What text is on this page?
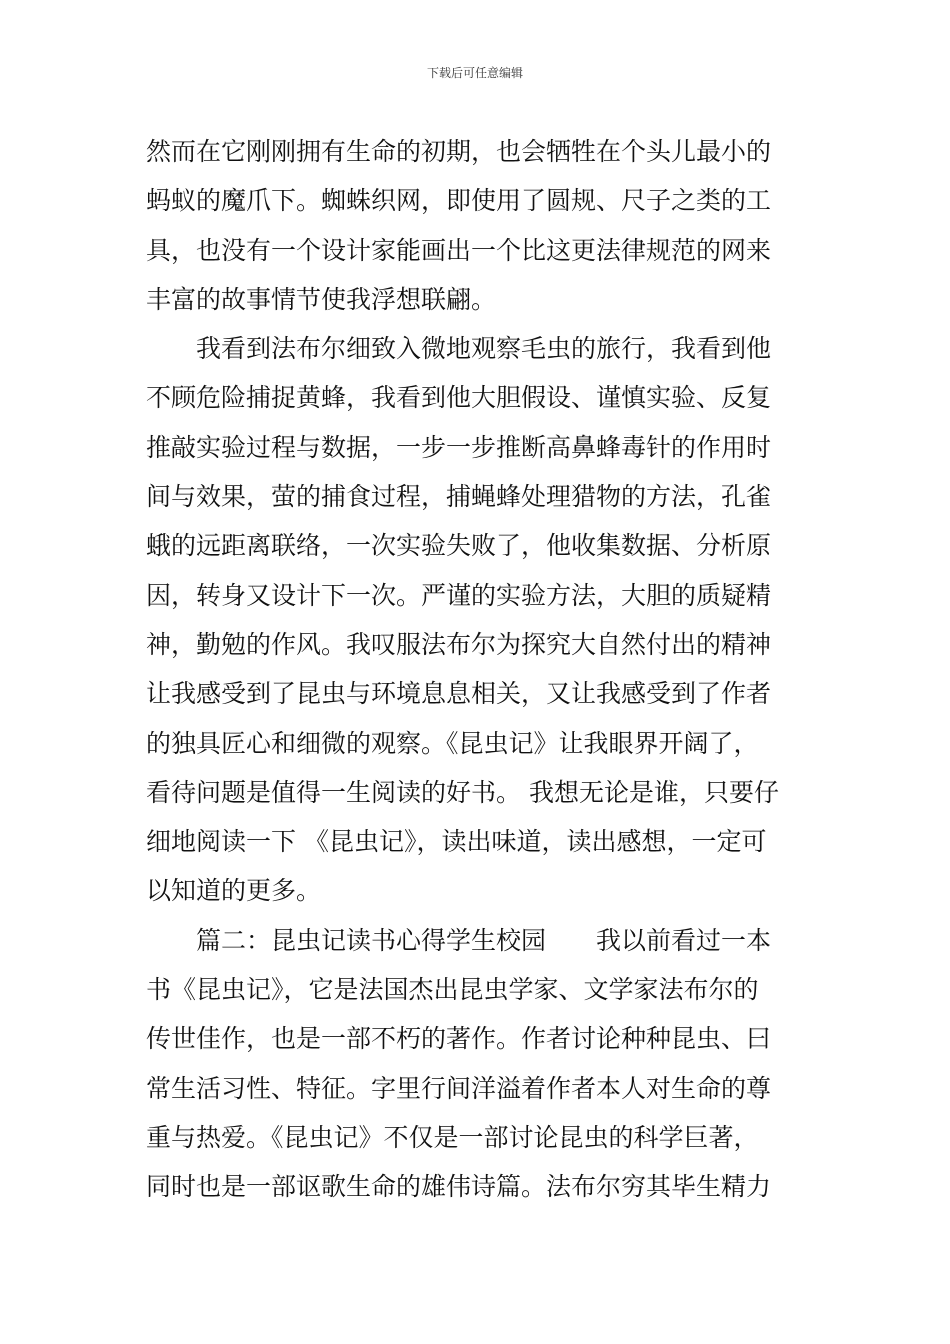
下载后可任意编辑
然而在它刚刚拥有生命的初期，也会牺牲在个头儿最小的
蚂蚁的魔爪下。蜘蛛织网，即使用了圆规、尺子之类的工
具，也没有一个设计家能画出一个比这更法律规范的网来
丰富的故事情节使我浮想联翩。
　　我看到法布尔细致入微地观察毛虫的旅行，我看到他
不顾危险捕捉黄蜂，我看到他大胆假设、谨慎实验、反复
推敲实验过程与数据，一步一步推断高鼻蜂毒针的作用时
间与效果，萤的捕食过程，捕蝇蜂处理猎物的方法，孔雀
蛾的远距离联络，一次实验失败了，他收集数据、分析原
因，转身又设计下一次。严谨的实验方法，大胆的质疑精
神，勤勉的作风。我叹服法布尔为探究大自然付出的精神
让我感受到了昆虫与环境息息相关，又让我感受到了作者
的独具匠心和细微的观察。《昆虫记》让我眼界开阔了，
看待问题是值得一生阅读的好书。 我想无论是谁，只要仔
细地阅读一下 《昆虫记》，读出味道，读出感想，一定可
以知道的更多。
　　篇二：昆虫记读书心得学生校园　　我以前看过一本
书《昆虫记》，它是法国杰出昆虫学家、文学家法布尔的
传世佳作，也是一部不朽的著作。作者讨论种种昆虫、曰
常生活习性、特征。字里行间洋溢着作者本人对生命的尊
重与热爱。《昆虫记》不仅是一部讨论昆虫的科学巨著，
同时也是一部讴歌生命的雄伟诗篇。法布尔穷其毕生精力
